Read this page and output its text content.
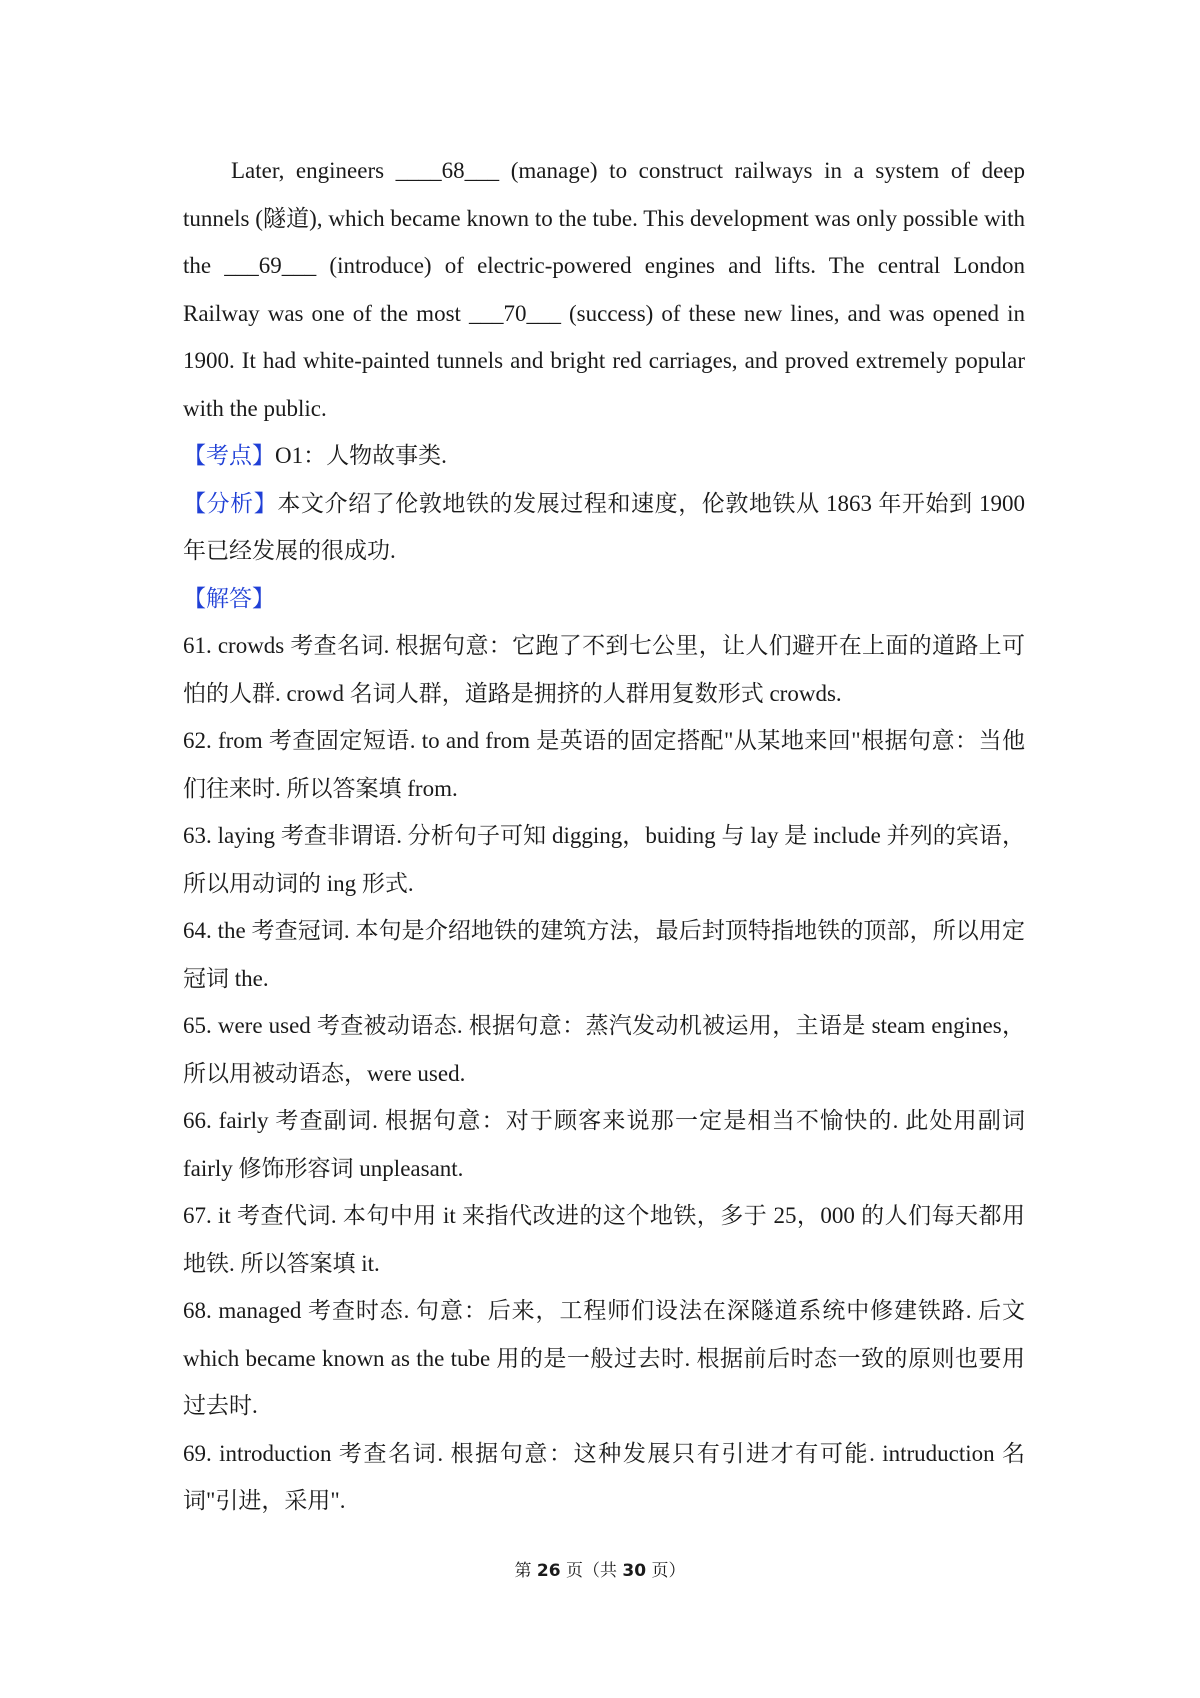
Later, engineers ____68___ (manage) to construct railways in a system of deep tunnels (隧道), which became known to the tube. This development was only possible with the ___69___ (introduce) of electric-powered engines and lifts. The central London Railway was one of the most ___70___ (success) of these new lines, and was opened in 1900. It had white-painted tunnels and bright red carriages, and proved extremely popular with the public.

【考点】O1：人物故事类.

【分析】本文介绍了伦敦地铁的发展过程和速度，伦敦地铁从 1863 年开始到 1900 年已经发展的很成功.

【解答】

61. crowds 考查名词. 根据句意：它跑了不到七公里，让人们避开在上面的道路上可怕的人群. crowd 名词人群，道路是拥挤的人群用复数形式 crowds.

62. from 考查固定短语. to and from 是英语的固定搭配"从某地来回"根据句意：当他们往来时. 所以答案填 from.

63. laying 考查非谓语. 分析句子可知 digging，buiding 与 lay 是 include 并列的宾语，所以用动词的 ing 形式.

64. the 考查冠词. 本句是介绍地铁的建筑方法，最后封顶特指地铁的顶部，所以用定冠词 the.

65. were used 考查被动语态. 根据句意：蒸汽发动机被运用，主语是 steam engines，所以用被动语态，were used.

66. fairly 考查副词. 根据句意：对于顾客来说那一定是相当不愉快的. 此处用副词 fairly 修饰形容词 unpleasant.

67. it 考查代词. 本句中用 it 来指代改进的这个地铁，多于 25，000 的人们每天都用地铁. 所以答案填 it.

68. managed 考查时态. 句意：后来，工程师们设法在深隧道系统中修建铁路. 后文 which became known as the tube 用的是一般过去时. 根据前后时态一致的原则也要用过去时.

69. introduction 考查名词. 根据句意：这种发展只有引进才有可能. intruduction 名词"引进，采用".

第 26 页（共 30 页）
